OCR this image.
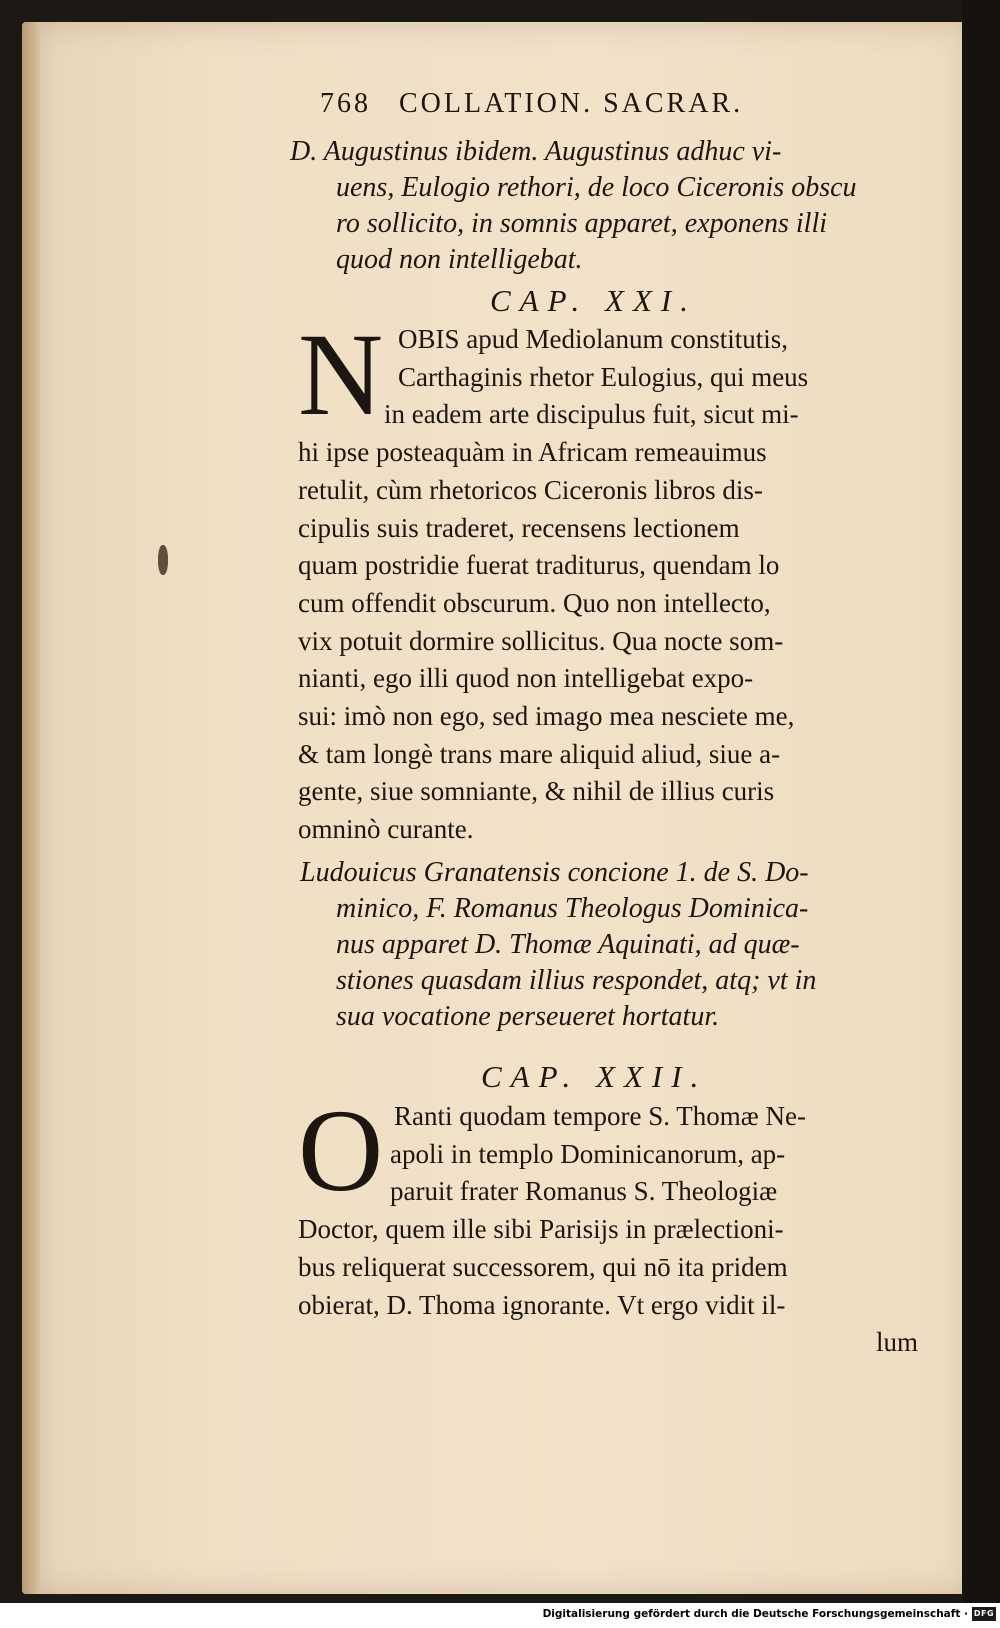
768 COLLATION. SACRAR.
D. Augustinus ibidem. Augustinus adhuc vi-
uens, Eulogio rethori, de loco Ciceronis obscu
ro sollicito, in somnis apparet, exponens illi
quod non intelligebat.
CAP. XXI.
N OBIS apud Mediolanum constitutis,
Carthaginis rhetor Eulogius, qui meus
in eadem arte discipulus fuit, sicut mi-
hi ipse posteaquàm in Africam remeauimus
retulit, cùm rhetoricos Ciceronis libros dis-
cipulis suis traderet, recensens lectionem
quam postridie fuerat traditurus, quendam lo
cum offendit obscurum. Quo non intellecto,
vix potuit dormire sollicitus. Qua nocte som-
nianti, ego illi quod non intelligebat expo-
sui: imò non ego, sed imago mea nesciete me,
& tam longè trans mare aliquid aliud, siue a-
gente, siue somniante, & nihil de illius curis
omninò curante.
Ludouicus Granatensis concione 1. de S. Do-
minico, F. Romanus Theologus Dominica-
nus apparet D. Thomæ Aquinati, ad quæ-
stiones quasdam illius respondet, atq; vt in
sua vocatione perseueret hortatur.
CAP. XXII.
O Ranti quodam tempore S. Thomæ Ne-
apoli in templo Dominicanorum, ap-
paruit frater Romanus S. Theologiæ
Doctor, quem ille sibi Parisijs in prælectioni-
bus reliquerat successorem, qui nō ita pridem
obierat, D. Thoma ignorante. Vt ergo vidit il-
lum
Digitalisierung gefördert durch die Deutsche Forschungsgemeinschaft · DFG
